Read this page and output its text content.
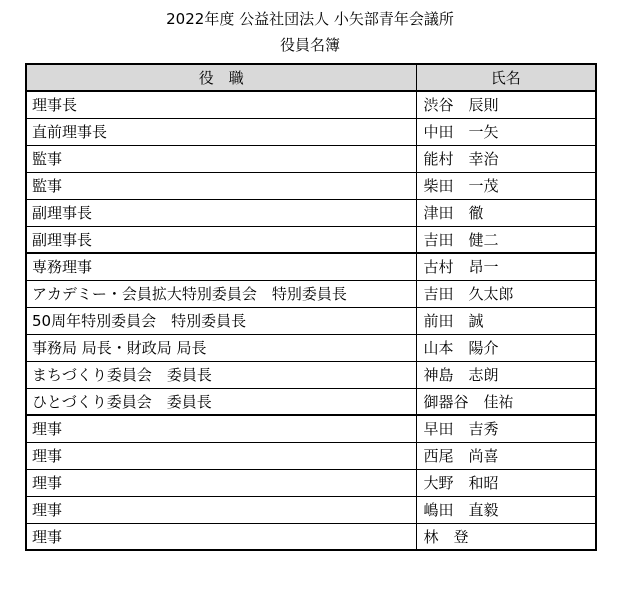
2022年度 公益社団法人 小矢部青年会議所
役員名簿
役　職	氏名
理事長	渋谷　辰則
直前理事長	中田　一矢
監事	能村　幸治
監事	柴田　一茂
副理事長	津田　徹
副理事長	吉田　健二
専務理事	古村　昂一
アカデミー・会員拡大特別委員会　特別委員長	吉田　久太郎
50周年特別委員会　特別委員長	前田　誠
事務局 局長・財政局 局長	山本　陽介
まちづくり委員会　委員長	神島　志朗
ひとづくり委員会　委員長	御器谷　佳祐
理事	早田　吉秀
理事	西尾　尚喜
理事	大野　和昭
理事	嶋田　直毅
理事	林　登
